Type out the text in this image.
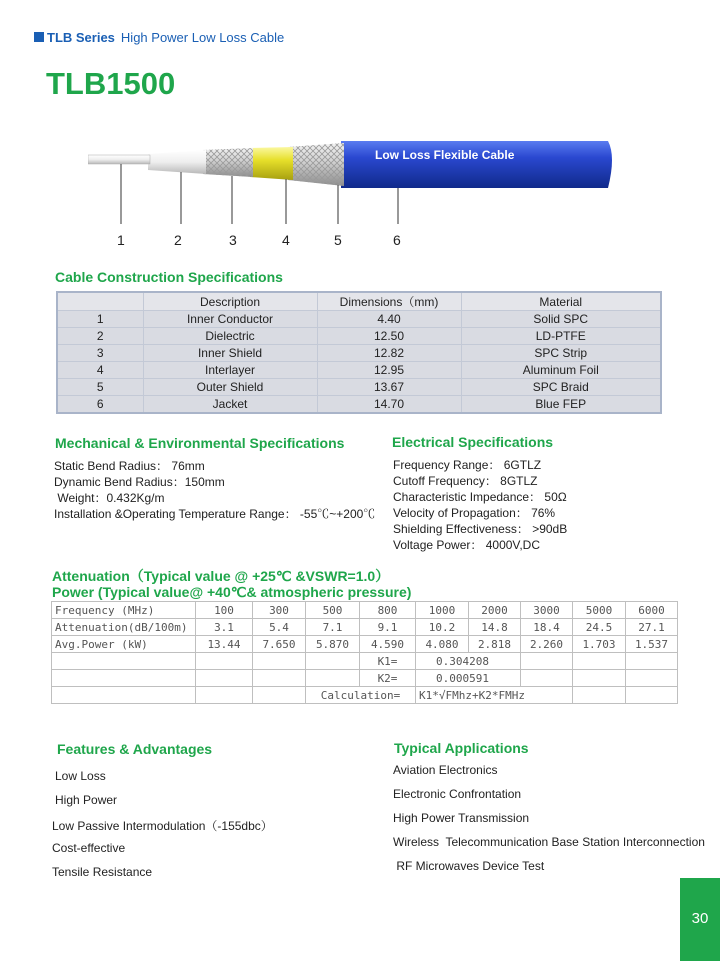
TLB Series High Power Low Loss Cable
TLB1500
Low Loss Flexible Cable
1	2	3	4	5	6
Cable Construction Specifications
	Description	Dimensions（mm)	Material
1	Inner Conductor	4.40	Solid SPC
2	Dielectric	12.50	LD-PTFE
3	Inner Shield	12.82	SPC Strip
4	Interlayer	12.95	Aluminum Foil
5	Outer Shield	13.67	SPC Braid
6	Jacket	14.70	Blue FEP
Mechanical & Environmental Specifications
Static Bend Radius： 76mm
Dynamic Bend Radius：150mm
Weight：0.432Kg/m
Installation &Operating Temperature Range： -55℃~+200℃
Electrical Specifications
Frequency Range： 6GTLZ
Cutoff Frequency： 8GTLZ
Characteristic Impedance： 50Ω
Velocity of Propagation： 76%
Shielding Effectiveness： >90dB
Voltage Power： 4000V,DC
Attenuation（Typical value @ +25℃ &VSWR=1.0）
Power (Typical value@ +40℃& atmospheric pressure)
Frequency (MHz)	100	300	500	800	1000	2000	3000	5000	6000
Attenuation(dB/100m)	3.1	5.4	7.1	9.1	10.2	14.8	18.4	24.5	27.1
Avg.Power (kW)	13.44	7.650	5.870	4.590	4.080	2.818	2.260	1.703	1.537
				K1=	0.304208				
				K2=	0.000591				
			Calculation=		K1*√FMhz+K2*FMHz				
Features & Advantages
Low Loss
High Power
Low Passive Intermodulation（-155dbc）
Cost-effective
Tensile Resistance
Typical Applications
Aviation Electronics
Electronic Confrontation
High Power Transmission
Wireless  Telecommunication Base Station Interconnection
RF Microwaves Device Test
30
